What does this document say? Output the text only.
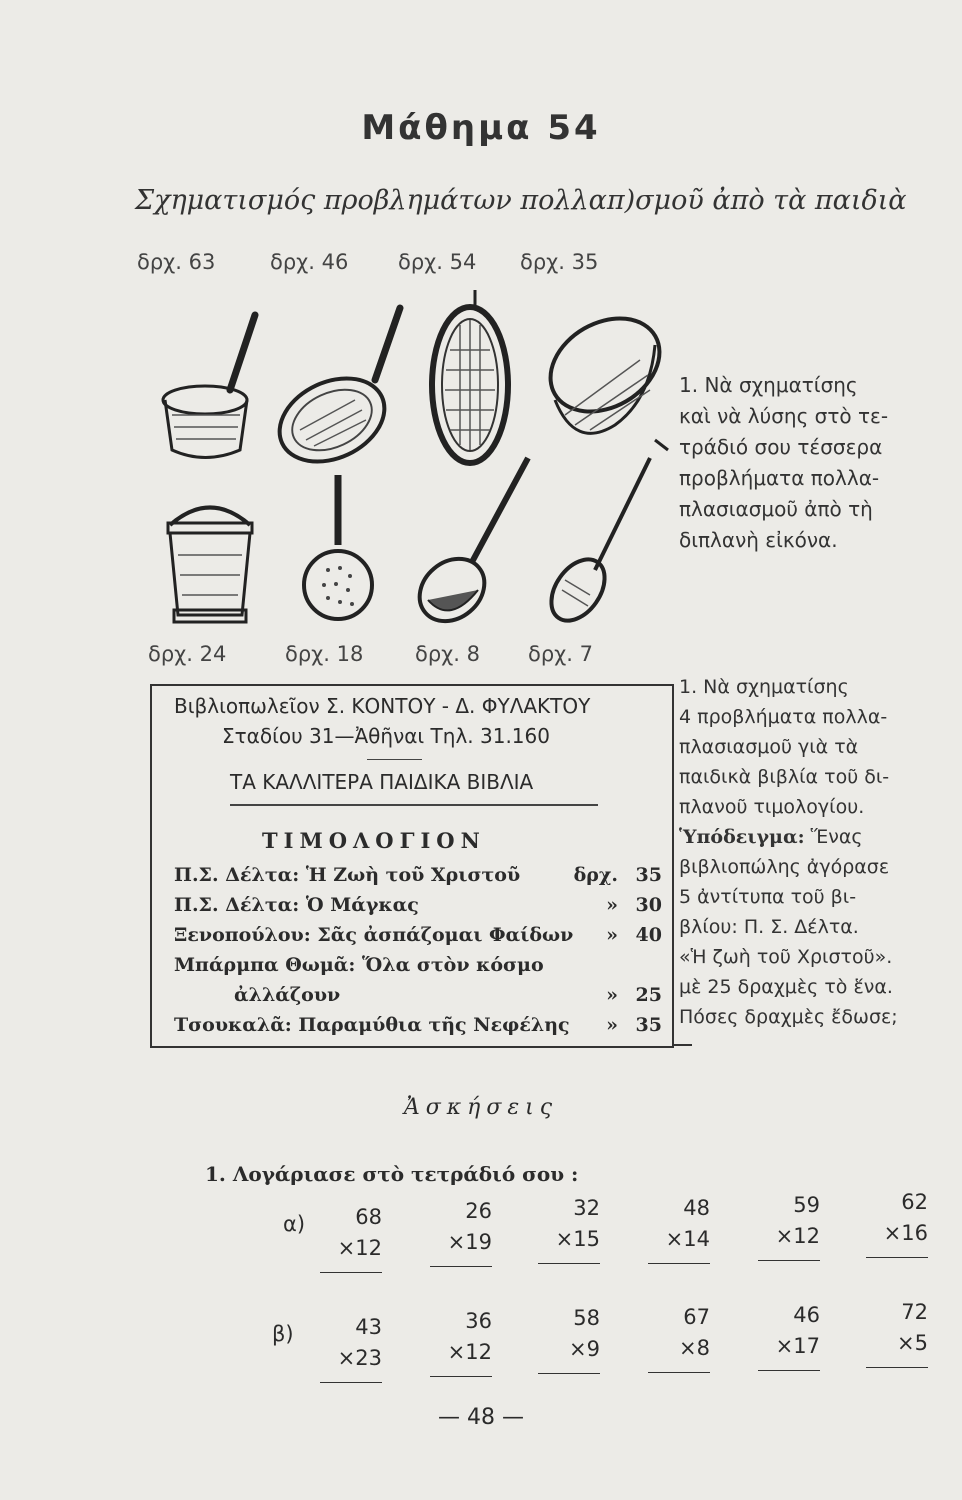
Μάθημα 54
Σχηματισμός προβλημάτων πολλαπ)σμοῦ ἀπὸ τὰ παιδιὰ
δρχ. 63	δρχ. 46 δρχ. 54 δρχ. 35
δρχ. 24	δρχ. 18 δρχ. 8 δρχ. 7
1. Νὰ σχηματίσης
καὶ νὰ λύσης στὸ τε-
τράδιό σου τέσσερα
προβλήματα πολλα-
πλασιασμοῦ ἀπὸ τὴ
διπλανὴ εἰκόνα.
Βιβλιοπωλεῖον Σ. ΚΟΝΤΟΥ - Δ. ΦΥΛΑΚΤΟΥ
Σταδίου 31—Ἀθῆναι Τηλ. 31.160
ΤΑ ΚΑΛΛΙΤΕΡΑ ΠΑΙΔΙΚΑ ΒΙΒΛΙΑ
ΤΙΜΟΛΟΓΙΟΝ
Π.Σ. Δέλτα: Ἡ Ζωὴ τοῦ Χριστοῦ	δρχ. 35
Π.Σ. Δέλτα: Ὁ Μάγκας	» 30
Ξενοπούλου: Σᾶς ἀσπάζομαι Φαίδων » 40
Μπάρμπα Θωμᾶ: Ὅλα στὸν κόσμο
ἀλλάζουν	» 25
Τσουκαλᾶ: Παραμύθια τῆς Νεφέλης » 35
1. Νὰ σχηματίσης
4 προβλήματα πολλα-
πλασιασμοῦ γιὰ τὰ
παιδικὰ βιβλία τοῦ δι-
πλανοῦ τιμολογίου.
Ὑπόδειγμα: Ἕνας
βιβλιοπώλης ἀγόρασε
5 ἀντίτυπα τοῦ βι-
βλίου: Π. Σ. Δέλτα.
«Ἡ ζωὴ τοῦ Χριστοῦ».
μὲ 25 δραχμὲς τὸ ἕνα.
Πόσες δραχμὲς ἔδωσε;
Ἀσκήσεις
1. Λογάριασε στὸ τετράδιό σου :
α)	68
×12
26
×19
32
×15
48
×14
59
×12
62
×16
β)	43
×23
36
×12
58
×9
67
×8
46
×17
72
×5
— 48 —
